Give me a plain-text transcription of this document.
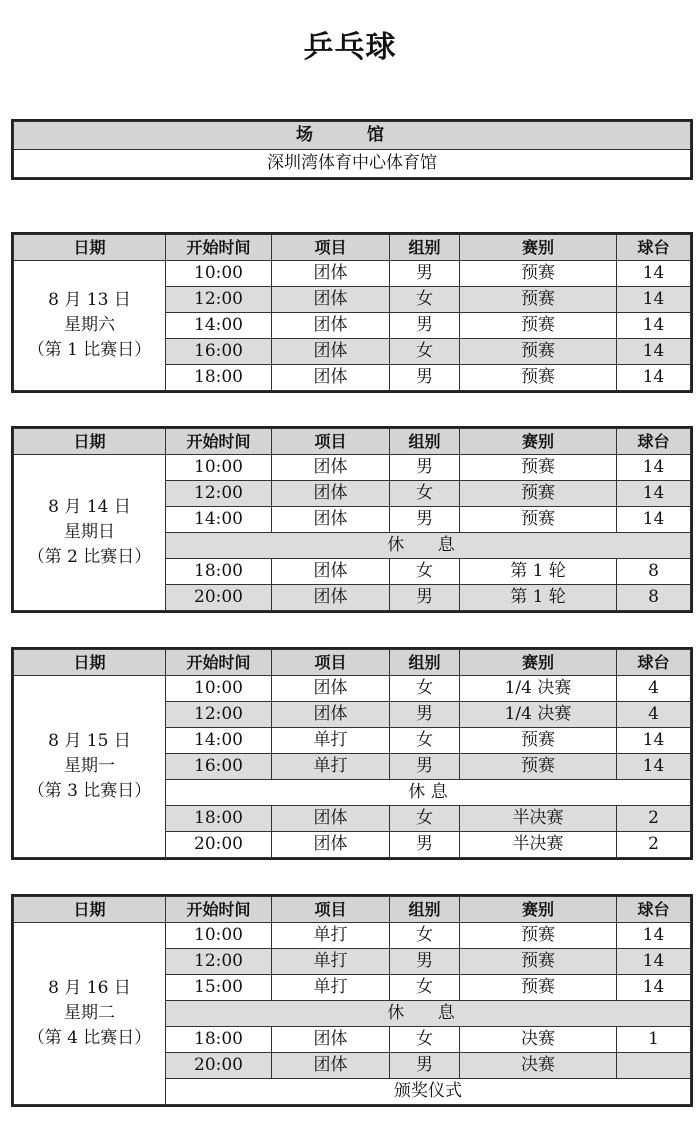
乒乓球
场 馆
深圳湾体育中心体育馆
日期	开始时间	项目	组别	赛别	球台

8 月 13 日
星期六
（第 1 比赛日）	10:00	团体	男	预赛	14
	12:00	团体	女	预赛	14
	14:00	团体	男	预赛	14
	16:00	团体	女	预赛	14
	18:00	团体	男	预赛	14
日期	开始时间	项目	组别	赛别	球台

8 月 14 日
星期日
（第 2 比赛日）	10:00	团体	男	预赛	14
	12:00	团体	女	预赛	14
	14:00	团体	男	预赛	14
	休 息				
	18:00	团体	女	第 1 轮	8
	20:00	团体	男	第 1 轮	8
日期	开始时间	项目	组别	赛别	球台

8 月 15 日
星期一
（第 3 比赛日）	10:00	团体	女	1/4 决赛	4
	12:00	团体	男	1/4 决赛	4
	14:00	单打	女	预赛	14
	16:00	单打	男	预赛	14
	休 息				
	18:00	团体	女	半决赛	2
	20:00	团体	男	半决赛	2
日期	开始时间	项目	组别	赛别	球台

8 月 16 日
星期二
（第 4 比赛日）	10:00	单打	女	预赛	14
	12:00	单打	男	预赛	14
	15:00	单打	女	预赛	14
	休 息				
	18:00	团体	女	决赛	1
	20:00	团体	男	决赛	
	颁奖仪式				
